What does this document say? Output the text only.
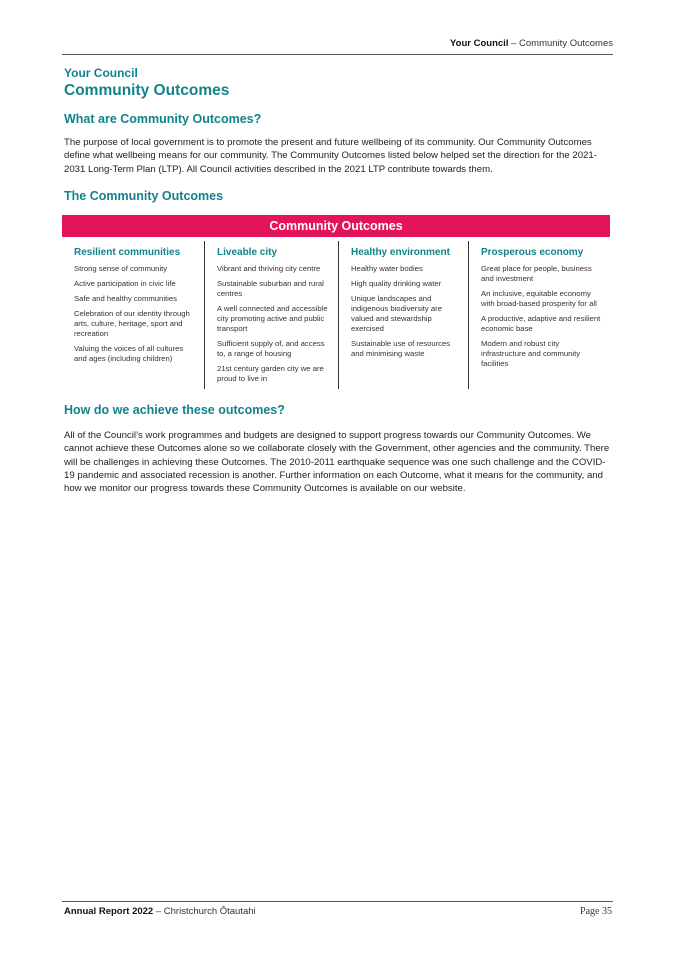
Your Council – Community Outcomes

Your Council

Community Outcomes

What are Community Outcomes?

The purpose of local government is to promote the present and future wellbeing of its community. Our Community Outcomes define what wellbeing means for our community. The Community Outcomes listed below helped set the direction for the 2021-2031 Long-Term Plan (LTP). All Council activities described in the 2021 LTP contribute towards them.

The Community Outcomes

Community Outcomes
Resilient communities
Strong sense of community
Active participation in civic life
Safe and healthy communities
Celebration of our identity through arts, culture, heritage, sport and recreation
Valuing the voices of all cultures and ages (including children)
Liveable city
Vibrant and thriving city centre
Sustainable suburban and rural centres
A well connected and accessible city promoting active and public transport
Sufficient supply of, and access to, a range of housing
21st century garden city we are proud to live in
Healthy environment
Healthy water bodies
High quality drinking water
Unique landscapes and indigenous biodiversity are valued and stewardship exercised
Sustainable use of resources and minimising waste
Prosperous economy
Great place for people, business and investment
An inclusive, equitable economy with broad-based prosperity for all
A productive, adaptive and resilient economic base
Modern and robust city infrastructure and community facilities

How do we achieve these outcomes?

All of the Council’s work programmes and budgets are designed to support progress towards our Community Outcomes. We cannot achieve these Outcomes alone so we collaborate closely with the Government, other agencies and the community. There will be challenges in achieving these Outcomes. The 2010-2011 earthquake sequence was one such challenge and the COVID-19 pandemic and associated recession is another. Further information on each Outcome, what it means for the community, and how we monitor our progress towards these Community Outcomes is available on our website.

Annual Report 2022 – Christchurch Ōtautahi	Page 35
